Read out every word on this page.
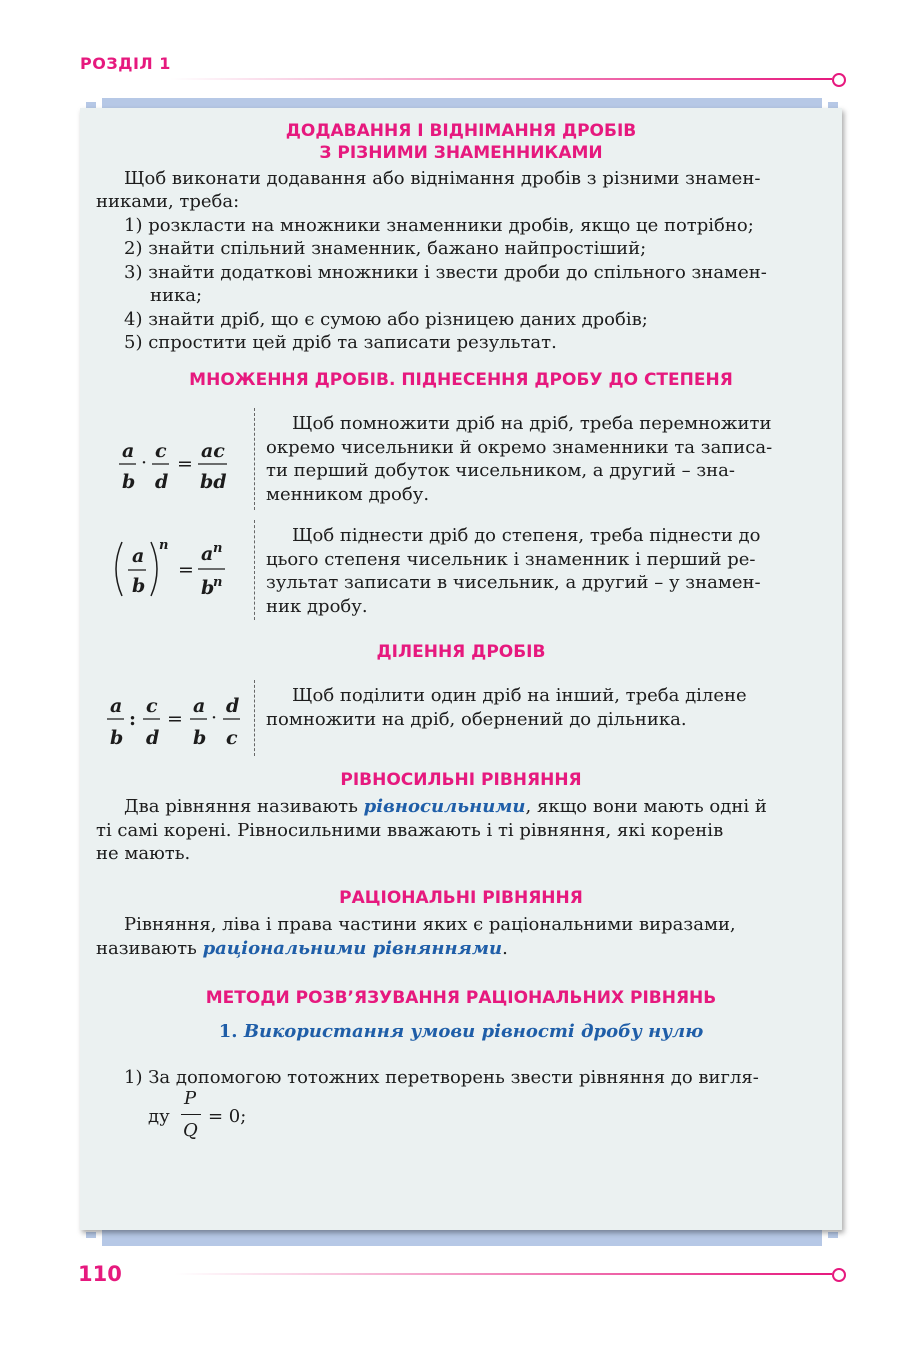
РОЗДІЛ 1
ДОДАВАННЯ І ВІДНІМАННЯ ДРОБІВ
З РІЗНИМИ ЗНАМЕННИКАМИ
Щоб виконати додавання або віднімання дробів з різними знамен-
никами, треба:
1) розкласти на множники знаменники дробів, якщо це потрібно;
2) знайти спільний знаменник, бажано найпростіший;
3) знайти додаткові множники і звести дроби до спільного знамен-
ника;
4) знайти дріб, що є сумою або різницею даних дробів;
5) спростити цей дріб та записати результат.
МНОЖЕННЯ ДРОБІВ. ПІДНЕСЕННЯ ДРОБУ ДО СТЕПЕНЯ
a
b
·
c
d
=
ac
bd
Щоб помножити дріб на дріб, треба перемножити
окремо чисельники й окремо знаменники та записа-
ти перший добуток чисельником, а другий – зна-
менником дробу.
a
b
n
=
a n
b
n
Щоб піднести дріб до степеня, треба піднести до
цього степеня чисельник і знаменник і перший ре-
зультат записати в чисельник, а другий – у знамен-
ник дробу.
ДІЛЕННЯ ДРОБІВ
a
b
:
c
d
=
a
b
·
d
c
Щоб поділити один дріб на інший, треба ділене
помножити на дріб, обернений до дільника.
РІВНОСИЛЬНІ РІВНЯННЯ
Два рівняння називають рівносильними, якщо вони мають одні й
ті самі корені. Рівносильними вважають і ті рівняння, які коренів
не мають.
РАЦІОНАЛЬНІ РІВНЯННЯ
Рівняння, ліва і права частини яких є раціональними виразами,
називають раціональними рівняннями.
МЕТОДИ РОЗВ’ЯЗУВАННЯ РАЦІОНАЛЬНИХ РІВНЯНЬ
1. Використання умови рівності дробу нулю
1) За допомогою тотожних перетворень звести рівняння до вигля-
ду
P
Q
= 0;
110
